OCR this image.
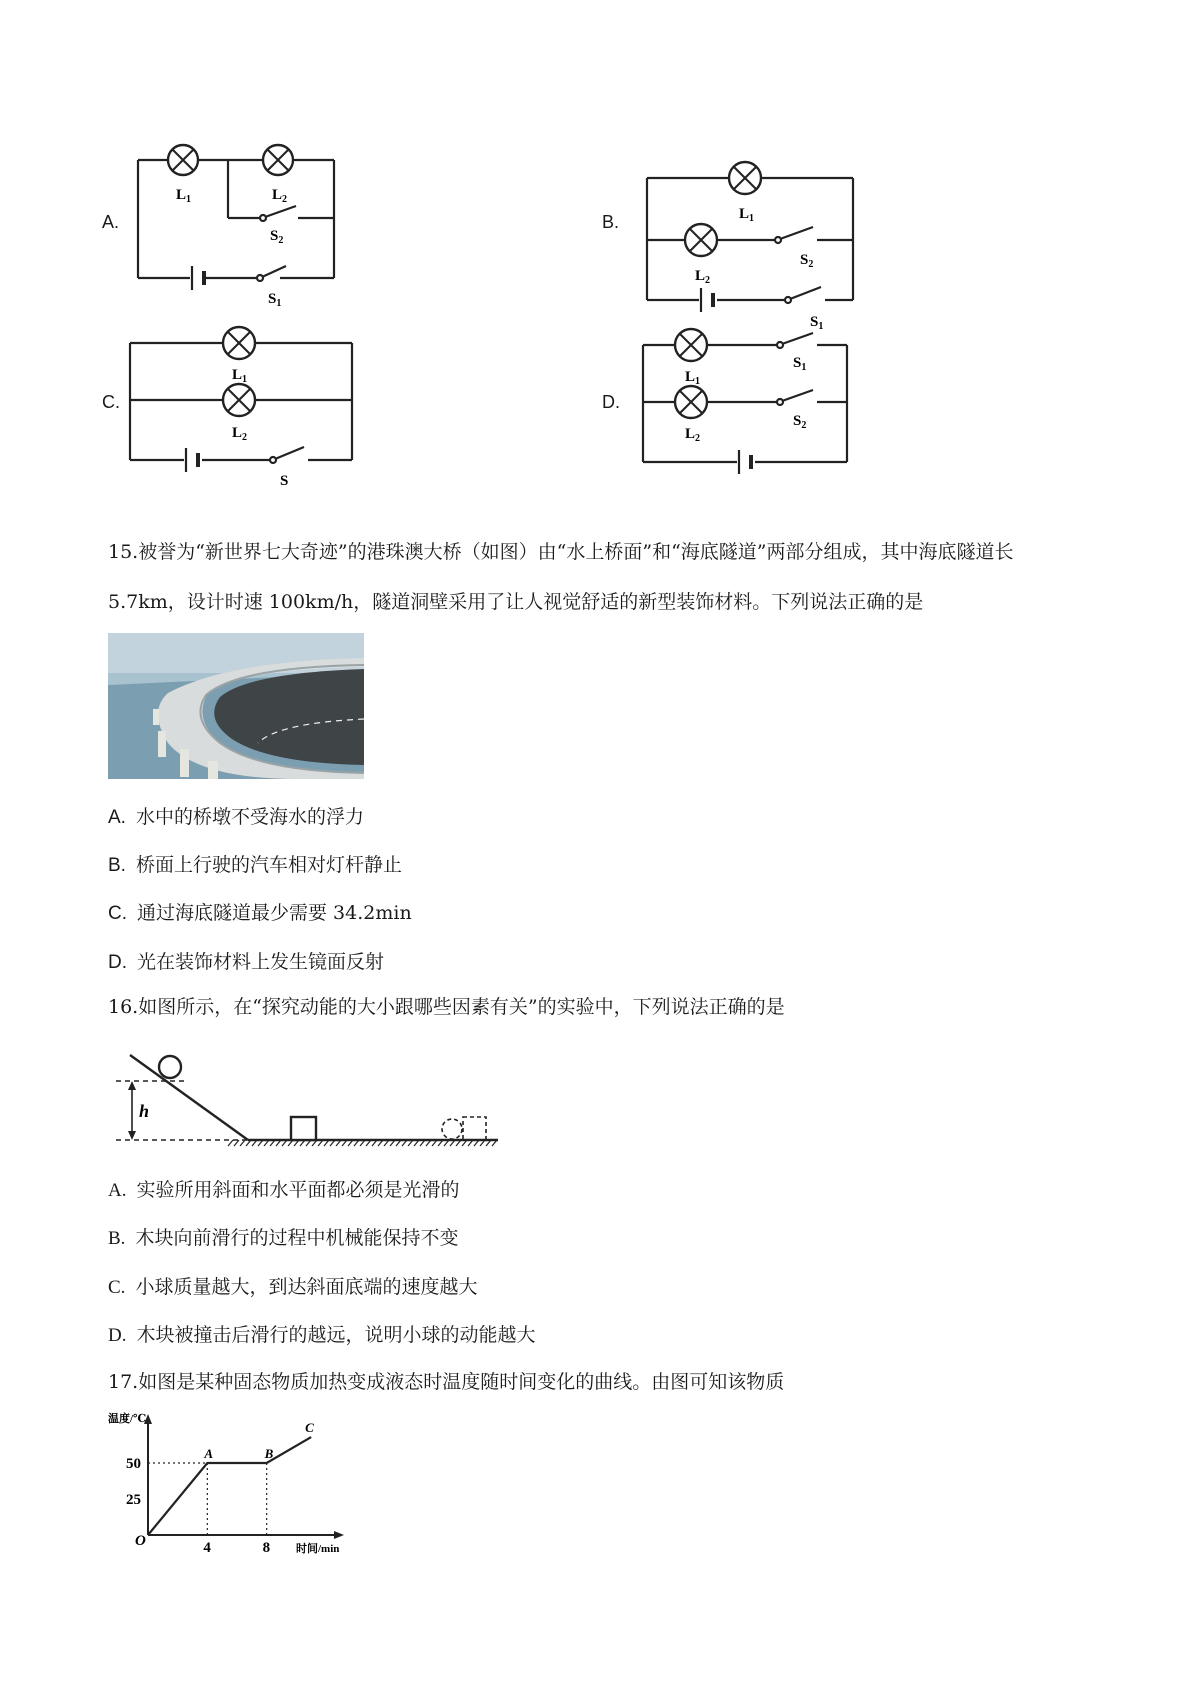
A.
$L_1$	$L_2$
$S_2$
$S_1$
B.	$L_1$
$L_2$
$S_2$
$S_1$
C.
$L_1$
$L_2$
S
D.
$L_1$
$L_2$
$S_1$
$S_2$
15.被誉为“新世界七大奇迹”的港珠澳大桥（如图）由“水上桥面”和“海底隧道”两部分组成，其中海底隧道长
5.7km，设计时速 100km/h，隧道洞壁采用了让人视觉舒适的新型装饰材料。下列说法正确的是
A. 水中的桥墩不受海水的浮力
B. 桥面上行驶的汽车相对灯杆静止
C. 通过海底隧道最少需要 34.2min
D. 光在装饰材料上发生镜面反射
16.如图所示，在“探究动能的大小跟哪些因素有关”的实验中，下列说法正确的是
h
A. 实验所用斜面和水平面都必须是光滑的
B. 木块向前滑行的过程中机械能保持不变
C. 小球质量越大，到达斜面底端的速度越大
D. 木块被撞击后滑行的越远，说明小球的动能越大
17.如图是某种固态物质加热变成液态时温度随时间变化的曲线。由图可知该物质
温度/℃
时间/min
O	4	8
25
50
A	B
C
